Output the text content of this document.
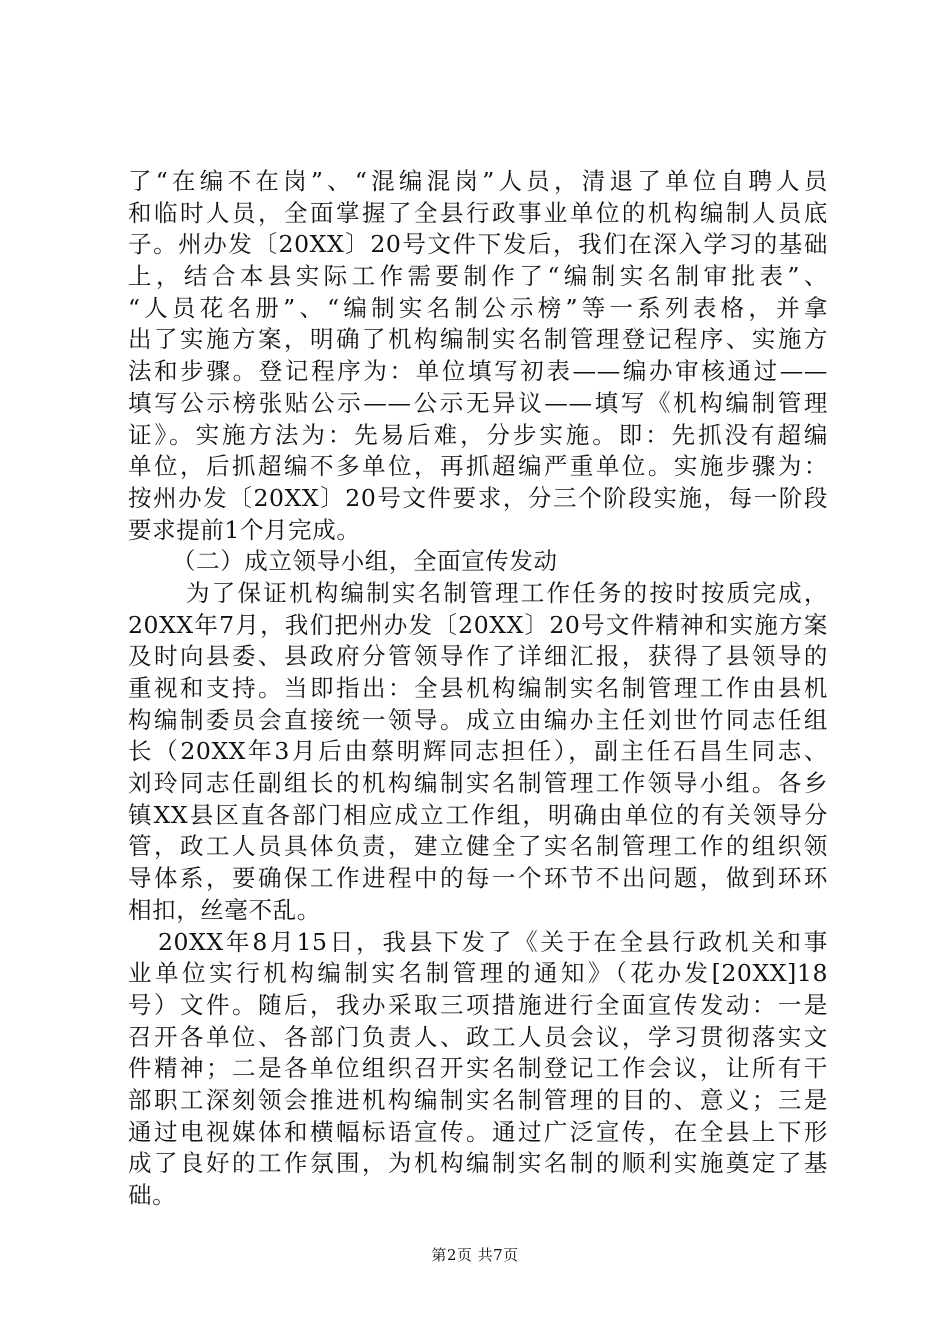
了“在编不在岗”、“混编混岗”人员，清退了单位自聘人员
和临时人员，全面掌握了全县行政事业单位的机构编制人员底
子。州办发〔20XX〕20号文件下发后，我们在深入学习的基础
上，结合本县实际工作需要制作了“编制实名制审批表”、
“人员花名册”、“编制实名制公示榜”等一系列表格，并拿
出了实施方案，明确了机构编制实名制管理登记程序、实施方
法和步骤。登记程序为：单位填写初表——编办审核通过——
填写公示榜张贴公示——公示无异议——填写《机构编制管理
证》。实施方法为：先易后难，分步实施。即：先抓没有超编
单位，后抓超编不多单位，再抓超编严重单位。实施步骤为：
按州办发〔20XX〕20号文件要求，分三个阶段实施，每一阶段
要求提前1个月完成。
（二）成立领导小组，全面宣传发动
为了保证机构编制实名制管理工作任务的按时按质完成，
20XX年7月，我们把州办发〔20XX〕20号文件精神和实施方案
及时向县委、县政府分管领导作了详细汇报，获得了县领导的
重视和支持。当即指出：全县机构编制实名制管理工作由县机
构编制委员会直接统一领导。成立由编办主任刘世竹同志任组
长（20XX年3月后由蔡明辉同志担任），副主任石昌生同志、
刘玲同志任副组长的机构编制实名制管理工作领导小组。各乡
镇XX县区直各部门相应成立工作组，明确由单位的有关领导分
管，政工人员具体负责，建立健全了实名制管理工作的组织领
导体系，要确保工作进程中的每一个环节不出问题，做到环环
相扣，丝毫不乱。
20XX年8月15日，我县下发了《关于在全县行政机关和事
业单位实行机构编制实名制管理的通知》（花办发[20XX]18
号）文件。随后，我办采取三项措施进行全面宣传发动：一是
召开各单位、各部门负责人、政工人员会议，学习贯彻落实文
件精神；二是各单位组织召开实名制登记工作会议，让所有干
部职工深刻领会推进机构编制实名制管理的目的、意义；三是
通过电视媒体和横幅标语宣传。通过广泛宣传，在全县上下形
成了良好的工作氛围，为机构编制实名制的顺利实施奠定了基
础。
第2页 共7页
